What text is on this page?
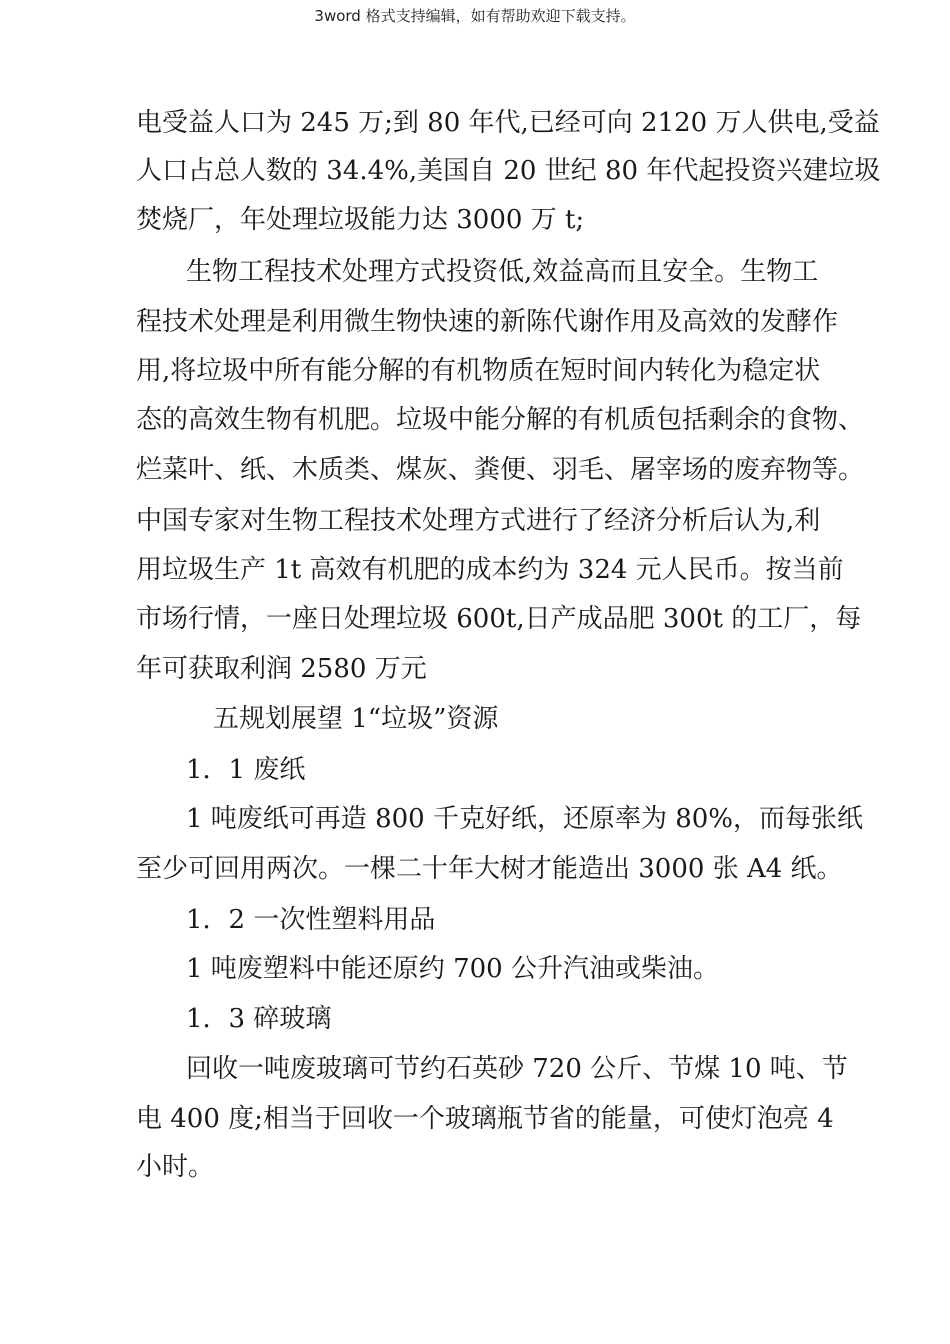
3word 格式支持编辑，如有帮助欢迎下载支持。
电受益人口为 245 万;到 80 年代,已经可向 2120 万人供电,受益
人口占总人数的 34.4%,美国自 20 世纪 80 年代起投资兴建垃圾
焚烧厂，年处理垃圾能力达 3000 万 t;
生物工程技术处理方式投资低,效益高而且安全。生物工
程技术处理是利用微生物快速的新陈代谢作用及高效的发酵作
用,将垃圾中所有能分解的有机物质在短时间内转化为稳定状
态的高效生物有机肥。垃圾中能分解的有机质包括剩余的食物、
烂菜叶、纸、木质类、煤灰、粪便、羽毛、屠宰场的废弃物等。
中国专家对生物工程技术处理方式进行了经济分析后认为,利
用垃圾生产 1t 高效有机肥的成本约为 324 元人民币。按当前
市场行情，一座日处理垃圾 600t,日产成品肥 300t 的工厂，每
年可获取利润 2580 万元
五规划展望 1“垃圾”资源
1．1 废纸
1 吨废纸可再造 800 千克好纸，还原率为 80%，而每张纸
至少可回用两次。一棵二十年大树才能造出 3000 张 A4 纸。
1．2 一次性塑料用品
1 吨废塑料中能还原约 700 公升汽油或柴油。
1．3 碎玻璃
回收一吨废玻璃可节约石英砂 720 公斤、节煤 10 吨、节
电 400 度;相当于回收一个玻璃瓶节省的能量，可使灯泡亮 4
小时。
